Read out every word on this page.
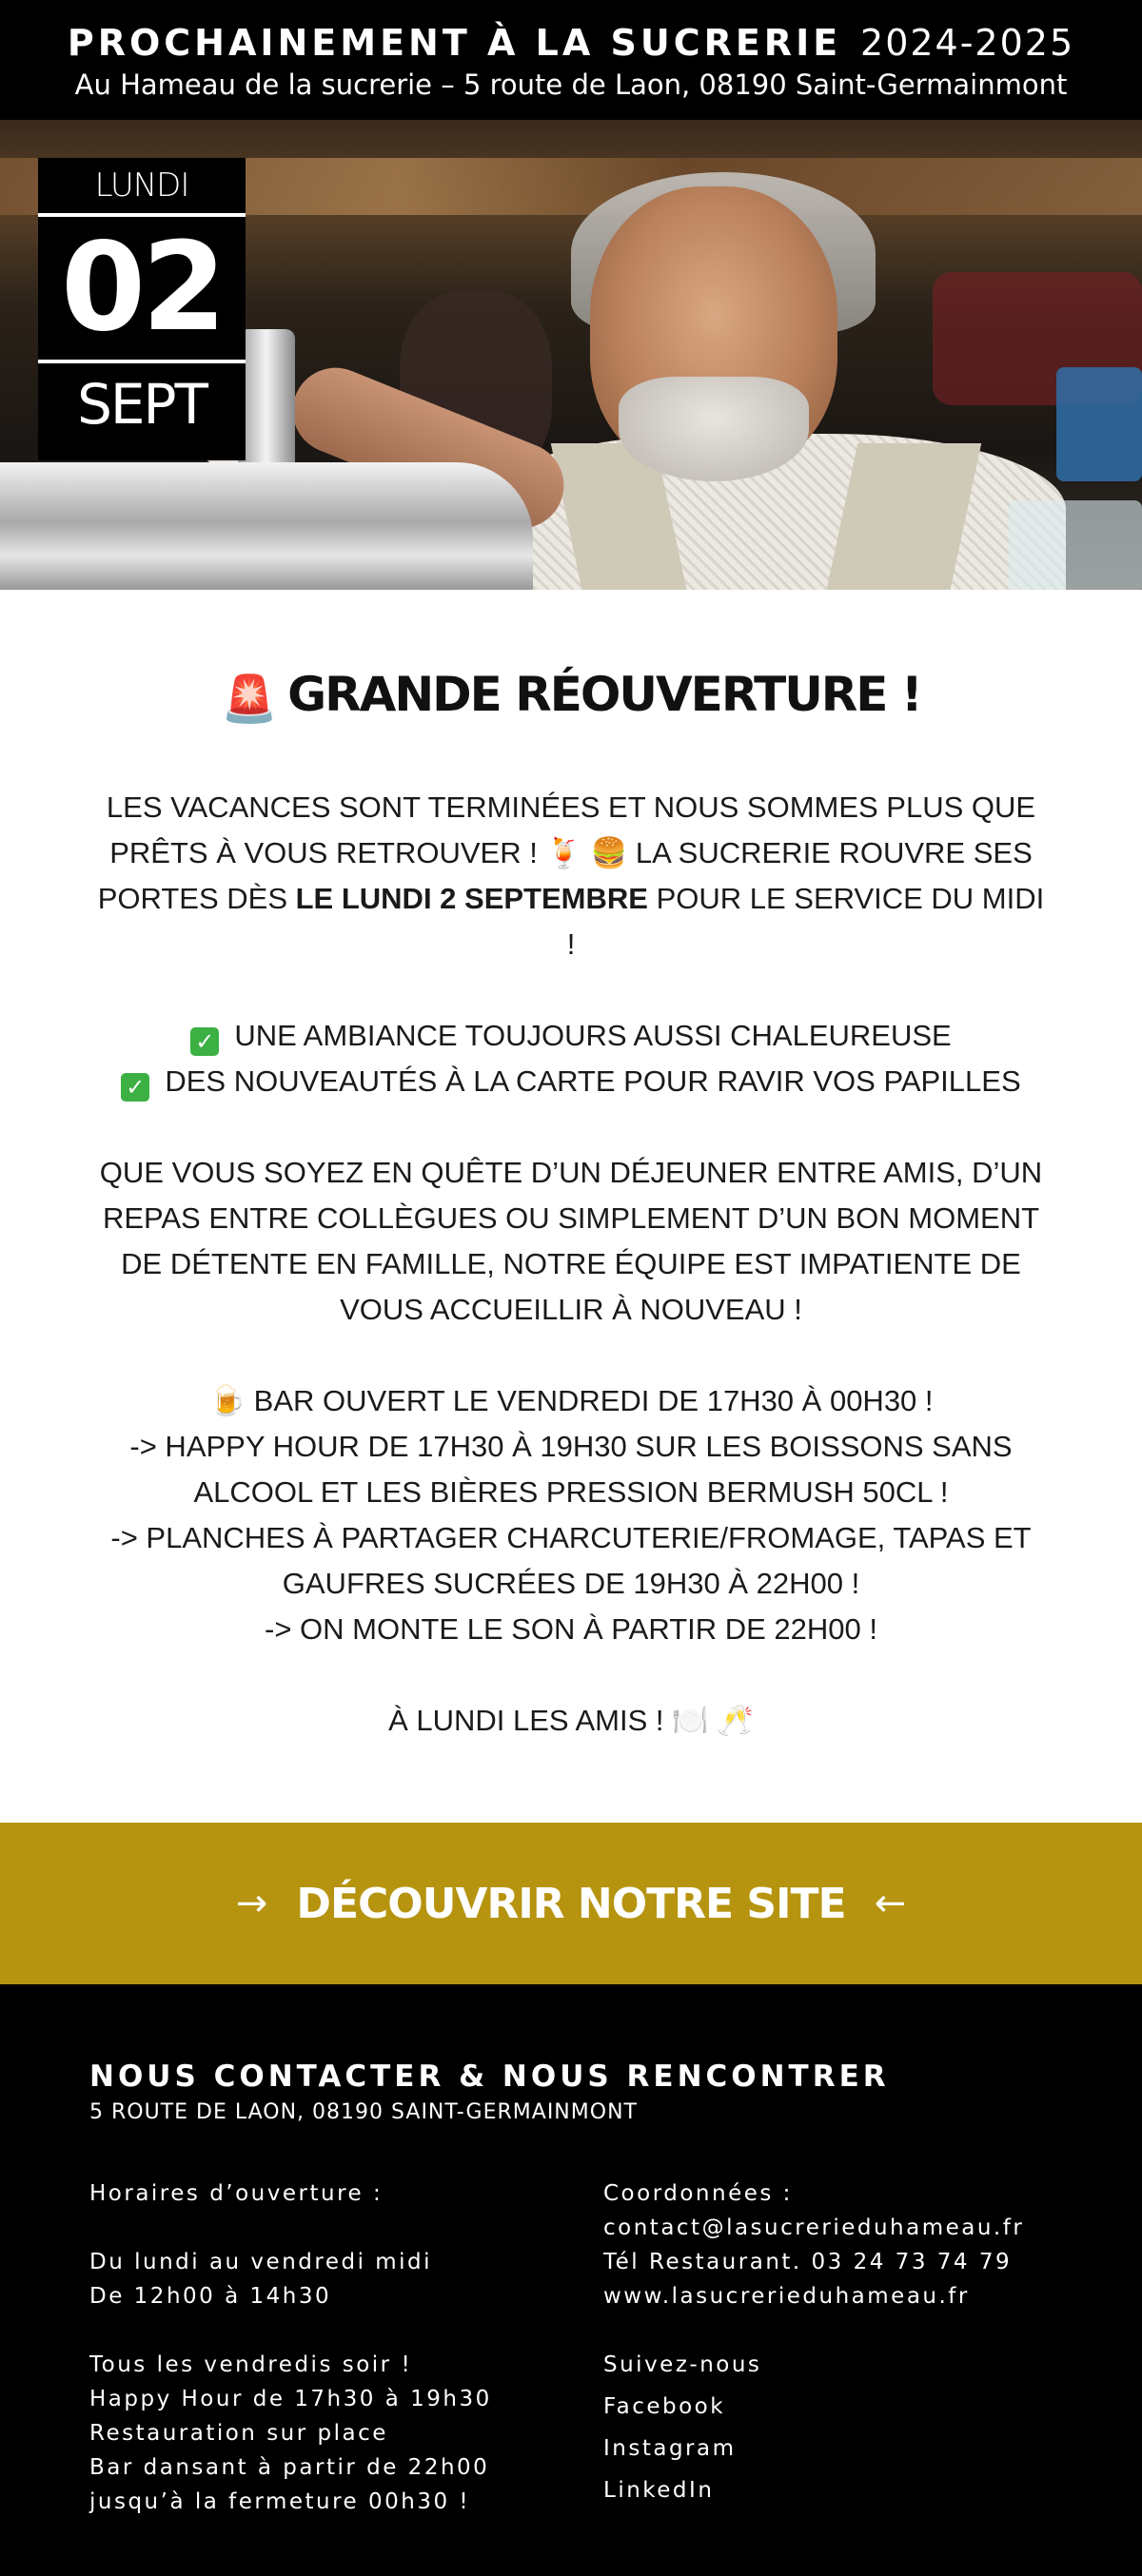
PROCHAINEMENT À LA SUCRERIE 2024-2025
Au Hameau de la sucrerie – 5 route de Laon, 08190 Saint-Germainmont
LUNDI
02
SEPT
🚨 GRANDE RÉOUVERTURE !
LES VACANCES SONT TERMINÉES ET NOUS SOMMES PLUS QUE PRÊTS À VOUS RETROUVER ! 🍹 🍔 LA SUCRERIE ROUVRE SES PORTES DÈS LE LUNDI 2 SEPTEMBRE POUR LE SERVICE DU MIDI !
✓ UNE AMBIANCE TOUJOURS AUSSI CHALEUREUSE
✓ DES NOUVEAUTÉS À LA CARTE POUR RAVIR VOS PAPILLES
QUE VOUS SOYEZ EN QUÊTE D’UN DÉJEUNER ENTRE AMIS, D’UN REPAS ENTRE COLLÈGUES OU SIMPLEMENT D’UN BON MOMENT DE DÉTENTE EN FAMILLE, NOTRE ÉQUIPE EST IMPATIENTE DE VOUS ACCUEILLIR À NOUVEAU !
🍺 BAR OUVERT LE VENDREDI DE 17H30 À 00H30 !
-> HAPPY HOUR DE 17H30 À 19H30 SUR LES BOISSONS SANS ALCOOL ET LES BIÈRES PRESSION BERMUSH 50CL !
-> PLANCHES À PARTAGER CHARCUTERIE/FROMAGE, TAPAS ET GAUFRES SUCRÉES DE 19H30 À 22H00 !
-> ON MONTE LE SON À PARTIR DE 22H00 !
À LUNDI LES AMIS ! 🍽️ 🥂
→ DÉCOUVRIR NOTRE SITE ←
NOUS CONTACTER & NOUS RENCONTRER
5 ROUTE DE LAON, 08190 SAINT-GERMAINMONT
Horaires d’ouverture :
Du lundi au vendredi midi
De 12h00 à 14h30
Tous les vendredis soir !
Happy Hour de 17h30 à 19h30
Restauration sur place
Bar dansant à partir de 22h00
jusqu’à la fermeture 00h30 !
Coordonnées :
contact@lasucrerieduhameau.fr
Tél Restaurant. 03 24 73 74 79
www.lasucrerieduhameau.fr
Suivez-nous
Facebook
Instagram
LinkedIn
